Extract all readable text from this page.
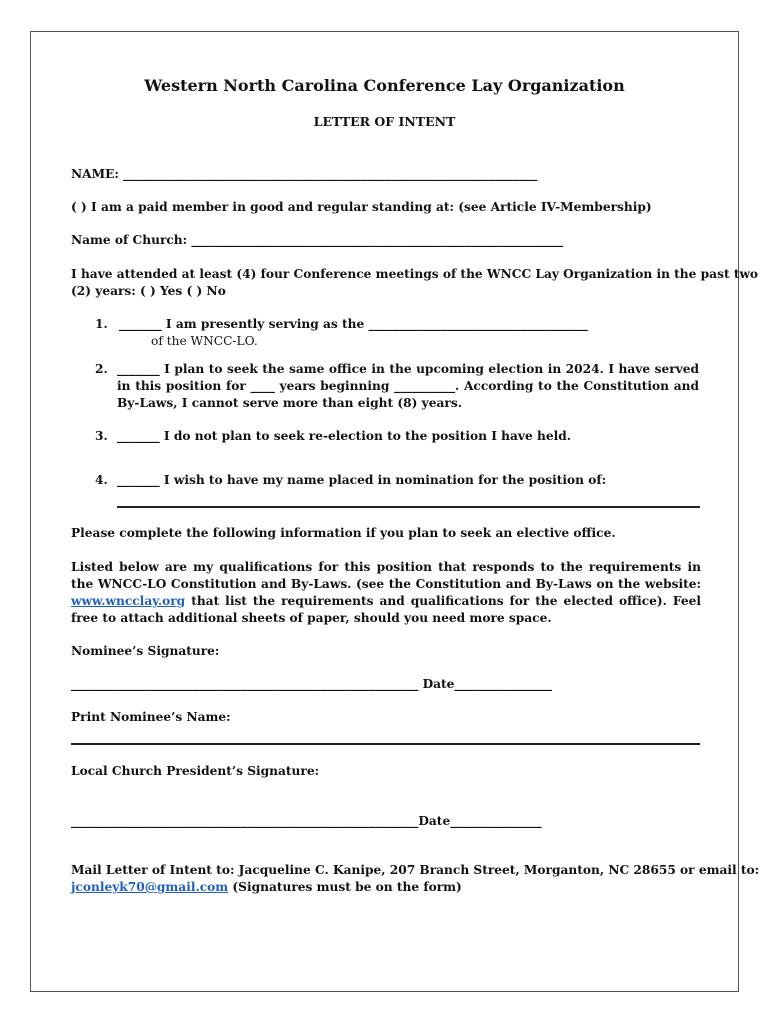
Western North Carolina Conference Lay Organization
LETTER OF INTENT
NAME: ____________________________________________________________________
( ) I am a paid member in good and regular standing at: (see Article IV-Membership)
Name of Church: _____________________________________________________________
I have attended at least (4) four Conference meetings of the WNCC Lay Organization in the past two
(2) years: ( ) Yes ( ) No
1. _______ I am presently serving as the ____________________________________
of the WNCC-LO.
2. _______ I plan to seek the same office in the upcoming election in 2024. I have served in this position for ____ years beginning __________. According to the Constitution and By-Laws, I cannot serve more than eight (8) years.
3. _______ I do not plan to seek re-election to the position I have held.
4. _______ I wish to have my name placed in nomination for the position of:
Please complete the following information if you plan to seek an elective office.
Listed below are my qualifications for this position that responds to the requirements in the WNCC-LO Constitution and By-Laws. (see the Constitution and By-Laws on the website: www.wncclay.org that list the requirements and qualifications for the elected office). Feel free to attach additional sheets of paper, should you need more space.
Nominee’s Signature:
_________________________________________________________ Date________________
Print Nominee’s Name:
Local Church President’s Signature:
_________________________________________________________Date_______________
Mail Letter of Intent to: Jacqueline C. Kanipe, 207 Branch Street, Morganton, NC 28655 or email to:
jconleyk70@gmail.com (Signatures must be on the form)
